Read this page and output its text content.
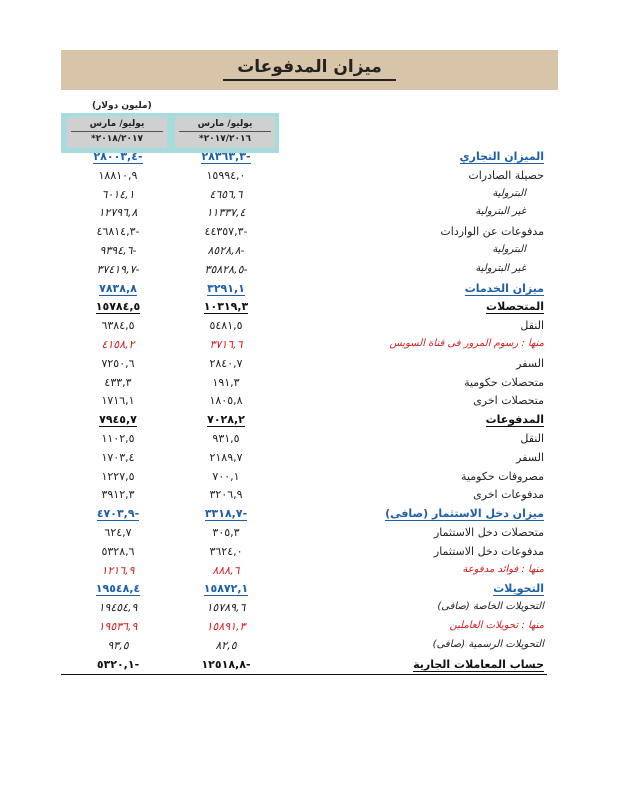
ميزان المدفوعات
(مليون دولار)
يوليو/ مارس
*٢٠١٨/٢٠١٧
يوليو/ مارس
*٢٠١٧/٢٠١٦
٢٨٠٠٣,٤-	٢٨٣٦٣,٣-	الميزان التجاري
١٨٨١٠,٩	١٥٩٩٤,٠	حصيلة الصادرات
٦٠١٤,١	٤٦٥٦,٦	البترولية
١٢٧٩٦,٨	١١٣٣٧,٤	غير البترولية
٤٦٨١٤,٣-	٤٤٣٥٧,٣-	مدفوعات عن الواردات
٩٣٩٤,٦-	٨٥٢٨,٨-	البترولية
٣٧٤١٩,٧-	٣٥٨٢٨,٥-	غير البترولية
٧٨٣٨,٨	٣٢٩١,١	ميزان الخدمات
١٥٧٨٤,٥	١٠٣١٩,٣	المتحصلات
٦٣٨٤,٥	٥٤٨١,٥	النقل
٤١٥٨,٢	٣٧١٦,٦	منها : رسوم المرور فى قناة السويس
٧٢٥٠,٦	٢٨٤٠,٧	السفر
٤٣٣,٣	١٩١,٣	متحصلات حكومية
١٧١٦,١	١٨٠٥,٨	متحصلات اخرى
٧٩٤٥,٧	٧٠٢٨,٢	المدفوعات
١١٠٢,٥	٩٣١,٥	النقل
١٧٠٣,٤	٢١٨٩,٧	السفر
١٢٢٧,٥	٧٠٠,١	مصروفات حكومية
٣٩١٢,٣	٣٢٠٦,٩	مدفوعات اخرى
٤٧٠٣,٩-	٣٣١٨,٧-	ميزان دخل الاستثمار (صافى)
٦٢٤,٧	٣٠٥,٣	متحصلات دخل الاستثمار
٥٣٢٨,٦	٣٦٢٤,٠	مدفوعات دخل الاستثمار
١٢١٦,٩	٨٨٨,٦	منها : فوائد مدفوعة
١٩٥٤٨,٤	١٥٨٧٢,١	التحويلات
١٩٤٥٤,٩	١٥٧٨٩,٦	التحويلات الخاصة (صافى)
١٩٥٣٦,٩	١٥٨٩١,٣	منها : تحويلات العاملين
٩٣,٥	٨٢,٥	التحويلات الرسمية (صافى)
٥٣٢٠,١-	١٢٥١٨,٨-	حساب المعاملات الجارية
